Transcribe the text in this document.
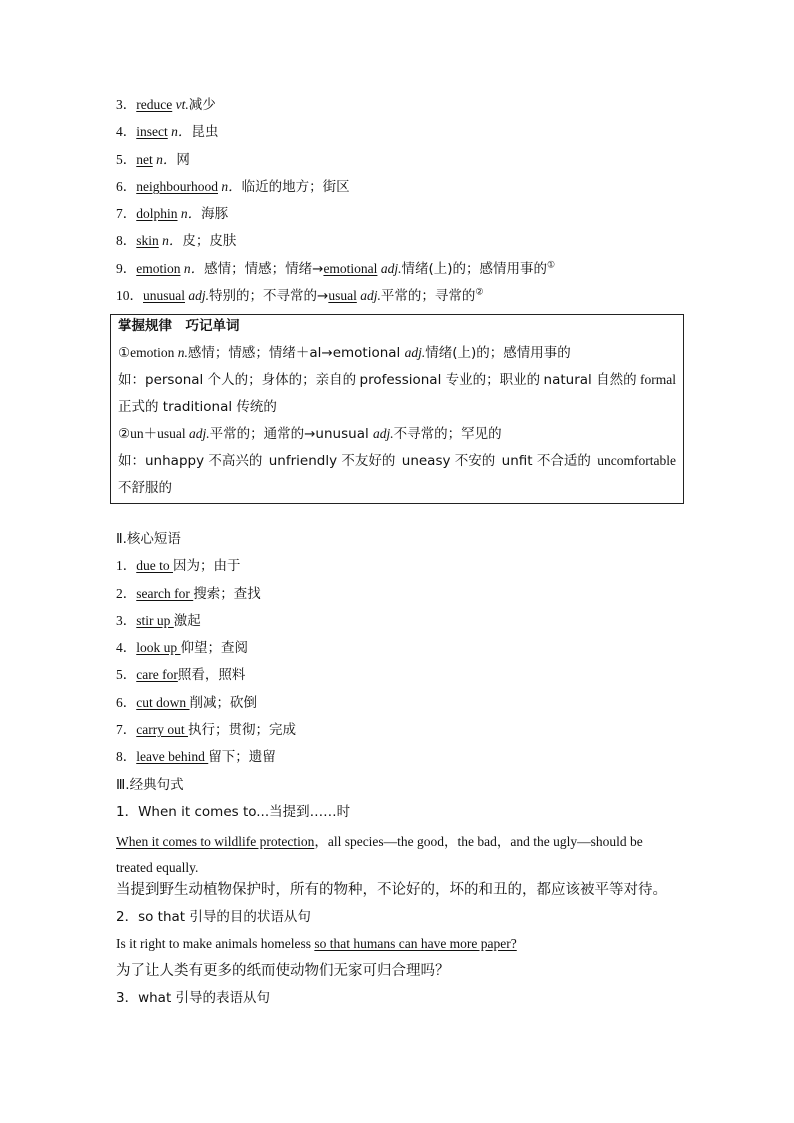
3．reduce vt.减少
4．insect n．昆虫
5．net n．网
6．neighbourhood n．临近的地方；街区
7．dolphin n．海豚
8．skin n．皮；皮肤
9．emotion n．感情；情感；情绪→emotional adj.情绪(上)的；感情用事的①
10．unusual adj.特别的；不寻常的→usual adj.平常的；寻常的②
掌握规律　巧记单词
①emotion n.感情；情感；情绪＋al→emotional adj.情绪(上)的；感情用事的
如：personal 个人的；身体的；亲自的 professional 专业的；职业的 natural 自然的 formal
正式的 traditional 传统的
②un＋usual adj.平常的；通常的→unusual adj.不寻常的；罕见的
如：unhappy 不高兴的 unfriendly 不友好的 uneasy 不安的 unfit 不合适的 uncomfortable
不舒服的
Ⅱ.核心短语
1．due to 因为；由于
2．search for 搜索；查找
3．stir up 激起
4．look up 仰望；查阅
5．care for照看，照料
6．cut down 削减；砍倒
7．carry out 执行；贯彻；完成
8．leave behind 留下；遗留
Ⅲ.经典句式
1．When it comes to...当提到……时
When it comes to wildlife protection，all species—the good，the bad，and the ugly—should be treated equally.
当提到野生动植物保护时，所有的物种，不论好的，坏的和丑的，都应该被平等对待。
2．so that 引导的目的状语从句
Is it right to make animals homeless so that humans can have more paper?
为了让人类有更多的纸而使动物们无家可归合理吗？
3．what 引导的表语从句
